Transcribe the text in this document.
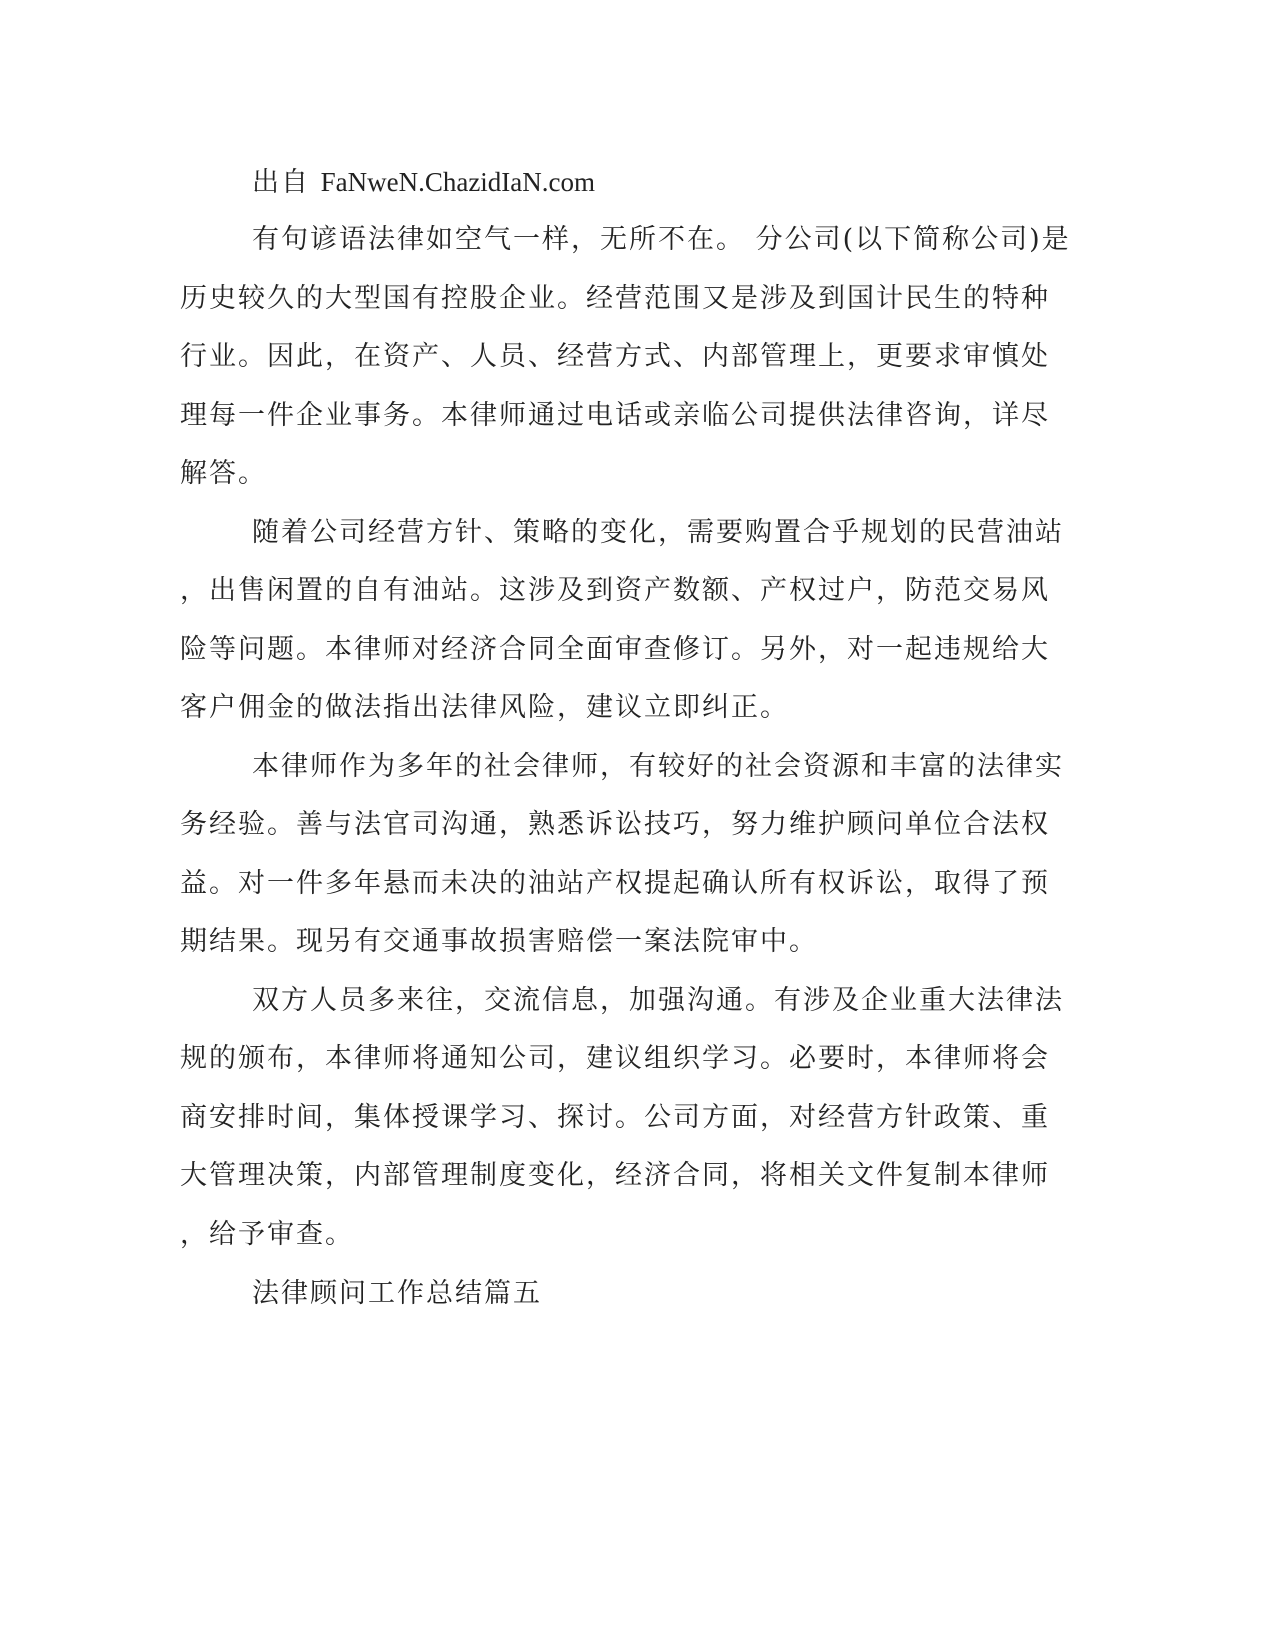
出自 FaNweN.ChazidIaN.com

有句谚语法律如空气一样，无所不在。 分公司(以下简称公司)是

历史较久的大型国有控股企业。经营范围又是涉及到国计民生的特种

行业。因此，在资产、人员、经营方式、内部管理上，更要求审慎处

理每一件企业事务。本律师通过电话或亲临公司提供法律咨询，详尽

解答。

随着公司经营方针、策略的变化，需要购置合乎规划的民营油站

，出售闲置的自有油站。这涉及到资产数额、产权过户，防范交易风

险等问题。本律师对经济合同全面审查修订。另外，对一起违规给大

客户佣金的做法指出法律风险，建议立即纠正。

本律师作为多年的社会律师，有较好的社会资源和丰富的法律实

务经验。善与法官司沟通，熟悉诉讼技巧，努力维护顾问单位合法权

益。对一件多年悬而未决的油站产权提起确认所有权诉讼，取得了预

期结果。现另有交通事故损害赔偿一案法院审中。

双方人员多来往，交流信息，加强沟通。有涉及企业重大法律法

规的颁布，本律师将通知公司，建议组织学习。必要时，本律师将会

商安排时间，集体授课学习、探讨。公司方面，对经营方针政策、重

大管理决策，内部管理制度变化，经济合同，将相关文件复制本律师

，给予审查。

法律顾问工作总结篇五
